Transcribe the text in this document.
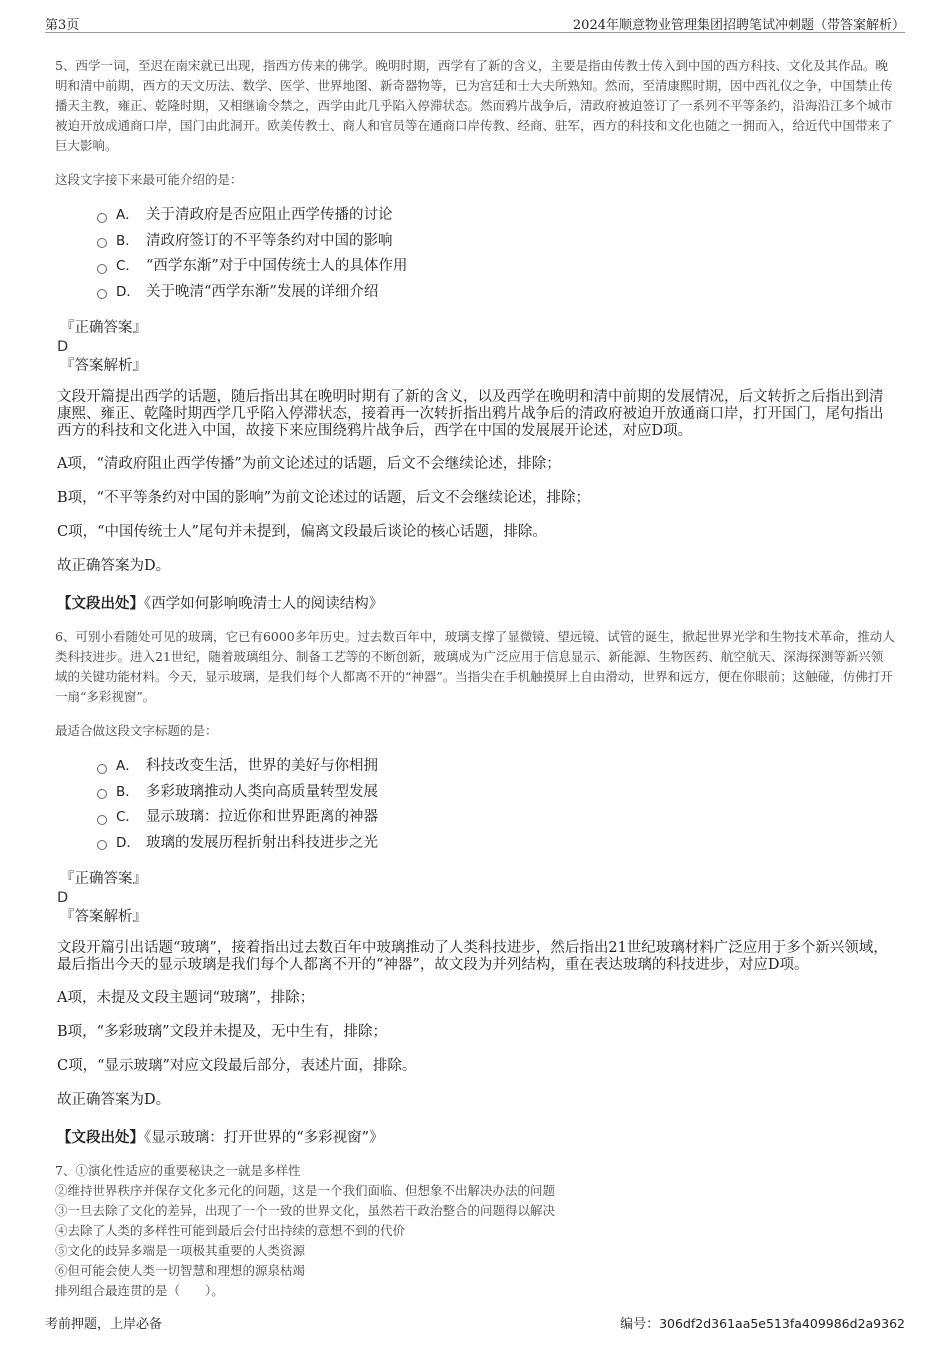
第3页	2024年顺意物业管理集团招聘笔试冲刺题（带答案解析）

5、西学一词，至迟在南宋就已出现，指西方传来的佛学。晚明时期，西学有了新的含义，主要是指由传教士传入到中国的西方科技、文化及其作品。晚明和清中前期，西方的天文历法、数学、医学、世界地图、新奇器物等，已为宫廷和士大夫所熟知。然而，至清康熙时期，因中西礼仪之争，中国禁止传播天主教，雍正、乾隆时期，又相继谕令禁之，西学由此几乎陷入停滞状态。然而鸦片战争后，清政府被迫签订了一系列不平等条约，沿海沿江多个城市被迫开放成通商口岸，国门由此洞开。欧美传教士、商人和官员等在通商口岸传教、经商、驻军，西方的科技和文化也随之一拥而入，给近代中国带来了巨大影响。

这段文字接下来最可能介绍的是：
A． 关于清政府是否应阻止西学传播的讨论
B． 清政府签订的不平等条约对中国的影响
C． “西学东渐”对于中国传统士人的具体作用
D． 关于晚清“西学东渐”发展的详细介绍
『正确答案』
D
『答案解析』

文段开篇提出西学的话题，随后指出其在晚明时期有了新的含义，以及西学在晚明和清中前期的发展情况，后文转折之后指出到清康熙、雍正、乾隆时期西学几乎陷入停滞状态，接着再一次转折指出鸦片战争后的清政府被迫开放通商口岸，打开国门，尾句指出西方的科技和文化进入中国，故接下来应围绕鸦片战争后，西学在中国的发展展开论述，对应D项。

A项，“清政府阻止西学传播”为前文论述过的话题，后文不会继续论述，排除；

B项，“不平等条约对中国的影响”为前文论述过的话题，后文不会继续论述，排除；

C项，“中国传统士人”尾句并未提到，偏离文段最后谈论的核心话题，排除。

故正确答案为D。

【文段出处】《西学如何影响晚清士人的阅读结构》

6、可别小看随处可见的玻璃，它已有6000多年历史。过去数百年中，玻璃支撑了显微镜、望远镜、试管的诞生，掀起世界光学和生物技术革命，推动人类科技进步。进入21世纪，随着玻璃组分、制备工艺等的不断创新，玻璃成为广泛应用于信息显示、新能源、生物医药、航空航天、深海探测等新兴领域的关键功能材料。今天，显示玻璃，是我们每个人都离不开的“神器”。当指尖在手机触摸屏上自由滑动，世界和远方，便在你眼前；这触碰，仿佛打开一扇“多彩视窗”。

最适合做这段文字标题的是：
A． 科技改变生活，世界的美好与你相拥
B． 多彩玻璃推动人类向高质量转型发展
C． 显示玻璃：拉近你和世界距离的神器
D． 玻璃的发展历程折射出科技进步之光
『正确答案』
D
『答案解析』

文段开篇引出话题“玻璃”，接着指出过去数百年中玻璃推动了人类科技进步，然后指出21世纪玻璃材料广泛应用于多个新兴领域，最后指出今天的显示玻璃是我们每个人都离不开的“神器”，故文段为并列结构，重在表达玻璃的科技进步，对应D项。

A项，未提及文段主题词“玻璃”，排除；

B项，“多彩玻璃”文段并未提及，无中生有，排除；

C项，“显示玻璃”对应文段最后部分，表述片面，排除。

故正确答案为D。

【文段出处】《显示玻璃：打开世界的“多彩视窗”》
7、①演化性适应的重要秘诀之一就是多样性
②维持世界秩序并保存文化多元化的问题，这是一个我们面临、但想象不出解决办法的问题
③一旦去除了文化的差异，出现了一个一致的世界文化，虽然若干政治整合的问题得以解决
④去除了人类的多样性可能到最后会付出持续的意想不到的代价
⑤文化的歧异多端是一项极其重要的人类资源
⑥但可能会使人类一切智慧和理想的源泉枯竭
排列组合最连贯的是（　　）。
考前押题，上岸必备	编号：306df2d361aa5e513fa409986d2a9362
